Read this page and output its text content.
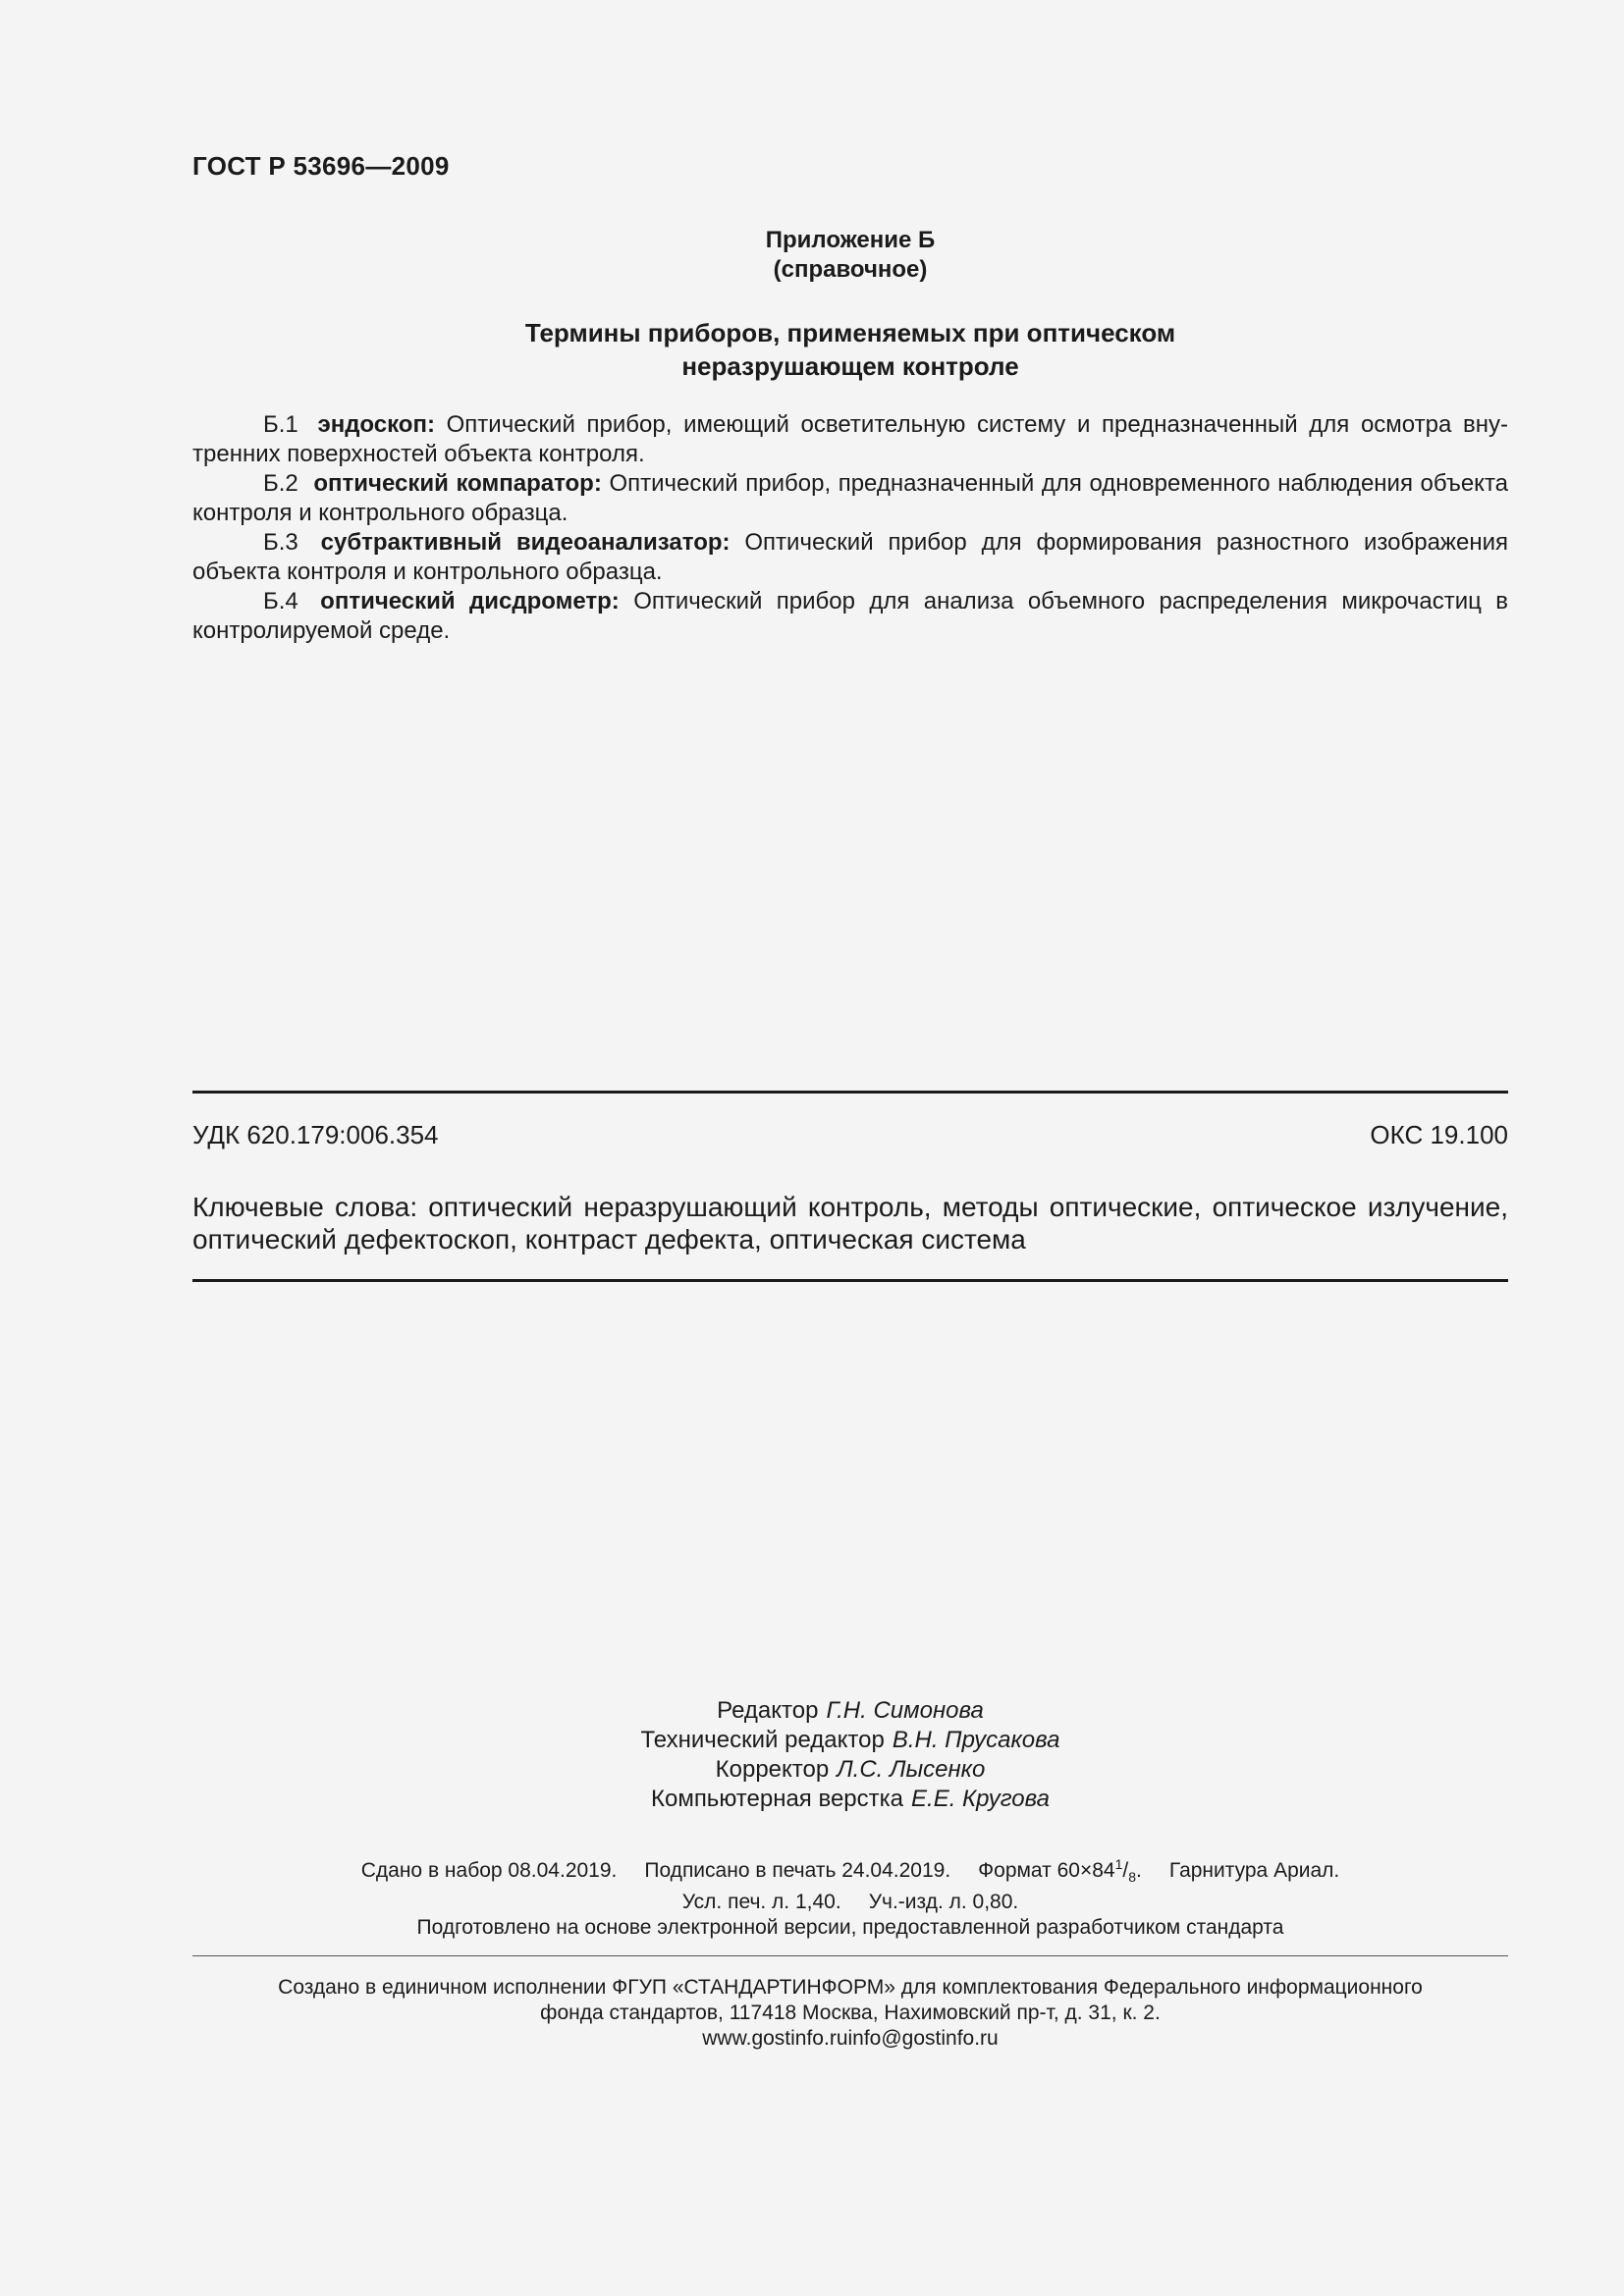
ГОСТ Р 53696—2009
Приложение Б
(справочное)
Термины приборов, применяемых при оптическом
неразрушающем контроле

Б.1 эндоскоп: Оптический прибор, имеющий осветительную систему и предназначенный для осмотра внутренних поверхностей объекта контроля.

Б.2 оптический компаратор: Оптический прибор, предназначенный для одновременного наблюдения объекта контроля и контрольного образца.

Б.3 субтрактивный видеоанализатор: Оптический прибор для формирования разностного изображения объекта контроля и контрольного образца.

Б.4 оптический дисдрометр: Оптический прибор для анализа объемного распределения микрочастиц в контролируемой среде.

УДК 620.179:006.354	ОКС 19.100
Ключевые слова: оптический неразрушающий контроль, методы оптические, оптическое излучение, оптический дефектоскоп, контраст дефекта, оптическая система
Редактор Г.Н. Симонова
Технический редактор В.Н. Прусакова
Корректор Л.С. Лысенко
Компьютерная верстка Е.Е. Кругова
Сдано в набор 08.04.2019. Подписано в печать 24.04.2019. Формат $60\times 84^1/_8$. Гарнитура Ариал.
Усл. печ. л. 1,40. Уч.-изд. л. 0,80.
Подготовлено на основе электронной версии, предоставленной разработчиком стандарта
Создано в единичном исполнении ФГУП «СТАНДАРТИНФОРМ» для комплектования Федерального информационного
фонда стандартов, 117418 Москва, Нахимовский пр-т, д. 31, к. 2.
www.gostinfo.ruinfo@gostinfo.ru
